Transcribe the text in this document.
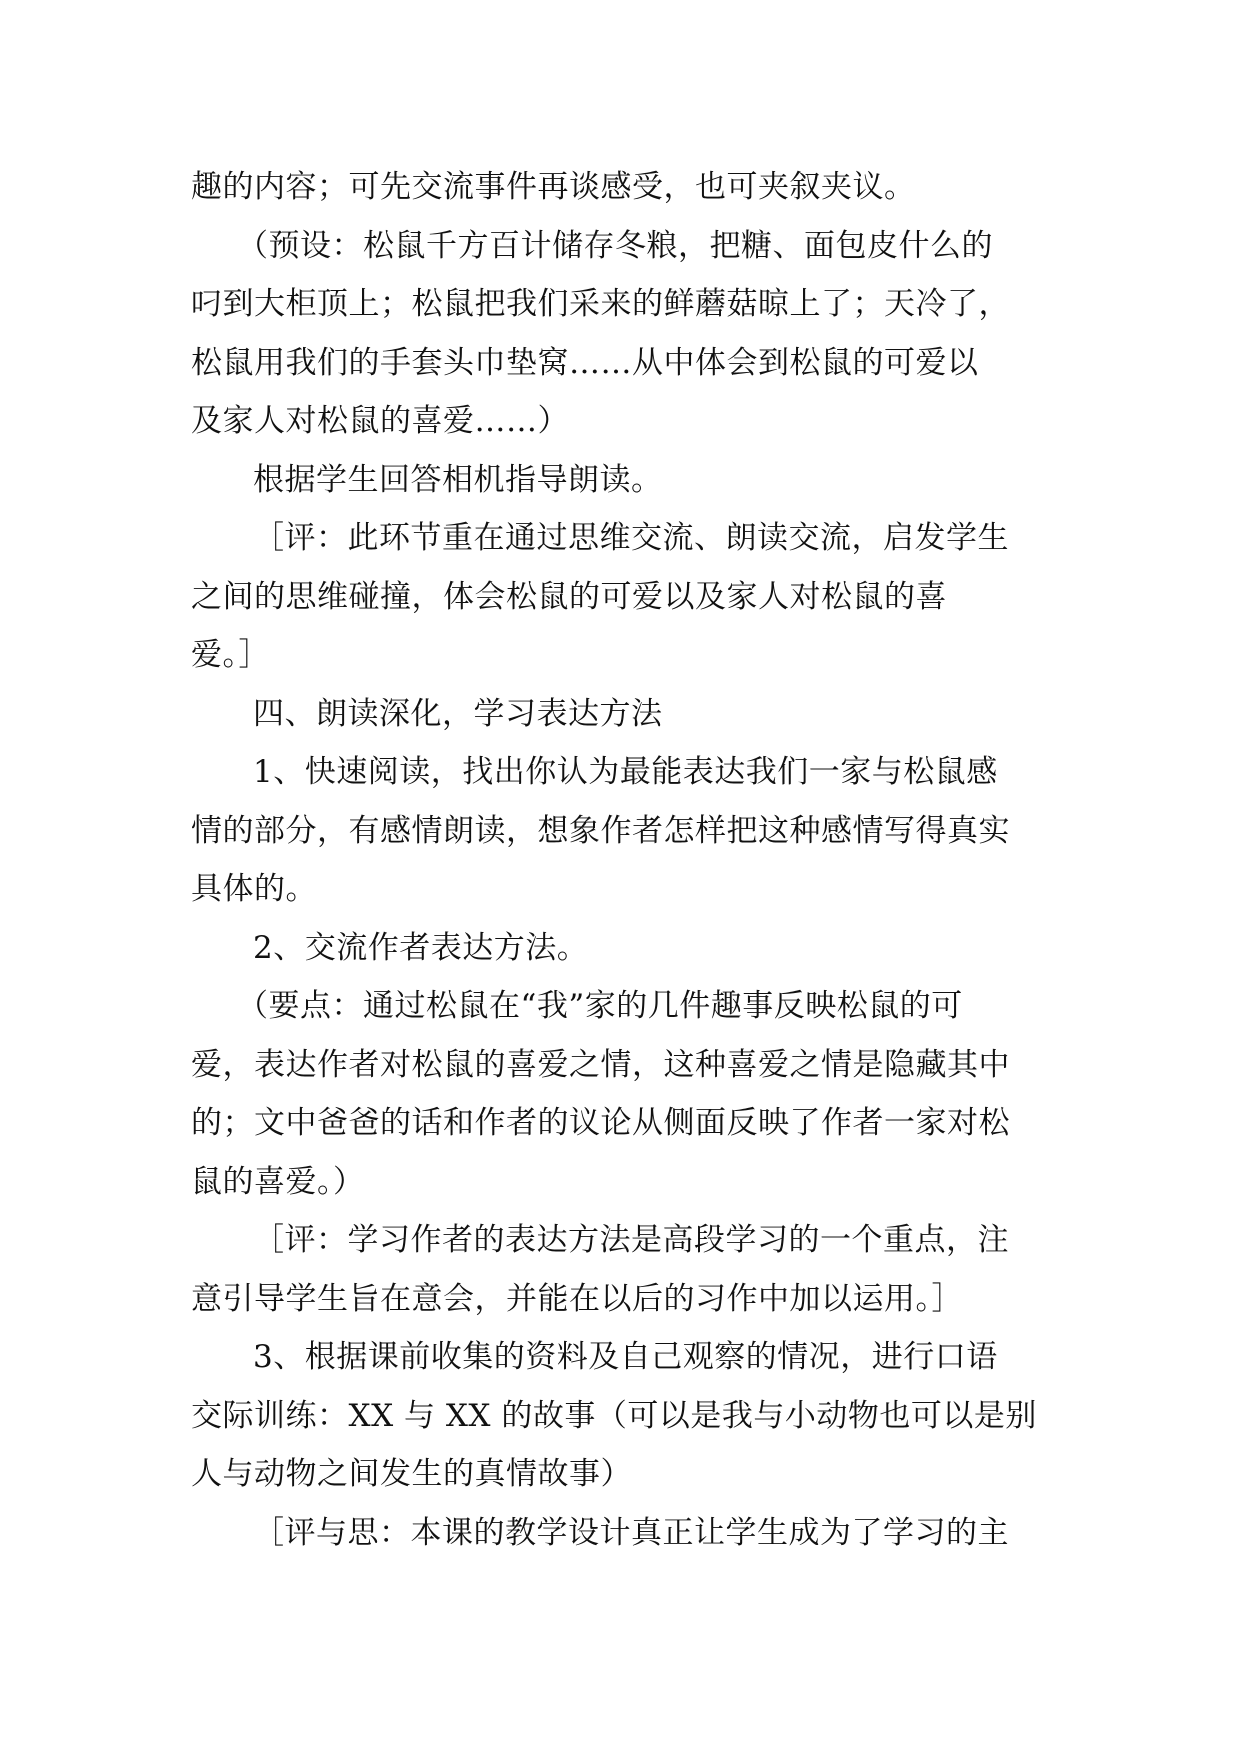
趣的内容；可先交流事件再谈感受，也可夹叙夹议。

（预设：松鼠千方百计储存冬粮，把糖、面包皮什么的

叼到大柜顶上；松鼠把我们采来的鲜蘑菇晾上了；天冷了，

松鼠用我们的手套头巾垫窝……从中体会到松鼠的可爱以

及家人对松鼠的喜爱……）

根据学生回答相机指导朗读。

［评：此环节重在通过思维交流、朗读交流，启发学生

之间的思维碰撞，体会松鼠的可爱以及家人对松鼠的喜

爱。］

四、朗读深化，学习表达方法

1、快速阅读，找出你认为最能表达我们一家与松鼠感

情的部分，有感情朗读，想象作者怎样把这种感情写得真实

具体的。

2、交流作者表达方法。

（要点：通过松鼠在“我”家的几件趣事反映松鼠的可

爱，表达作者对松鼠的喜爱之情，这种喜爱之情是隐藏其中

的；文中爸爸的话和作者的议论从侧面反映了作者一家对松

鼠的喜爱。）

［评：学习作者的表达方法是高段学习的一个重点，注

意引导学生旨在意会，并能在以后的习作中加以运用。］

3、根据课前收集的资料及自己观察的情况，进行口语

交际训练：XX 与 XX 的故事（可以是我与小动物也可以是别

人与动物之间发生的真情故事）

［评与思：本课的教学设计真正让学生成为了学习的主
